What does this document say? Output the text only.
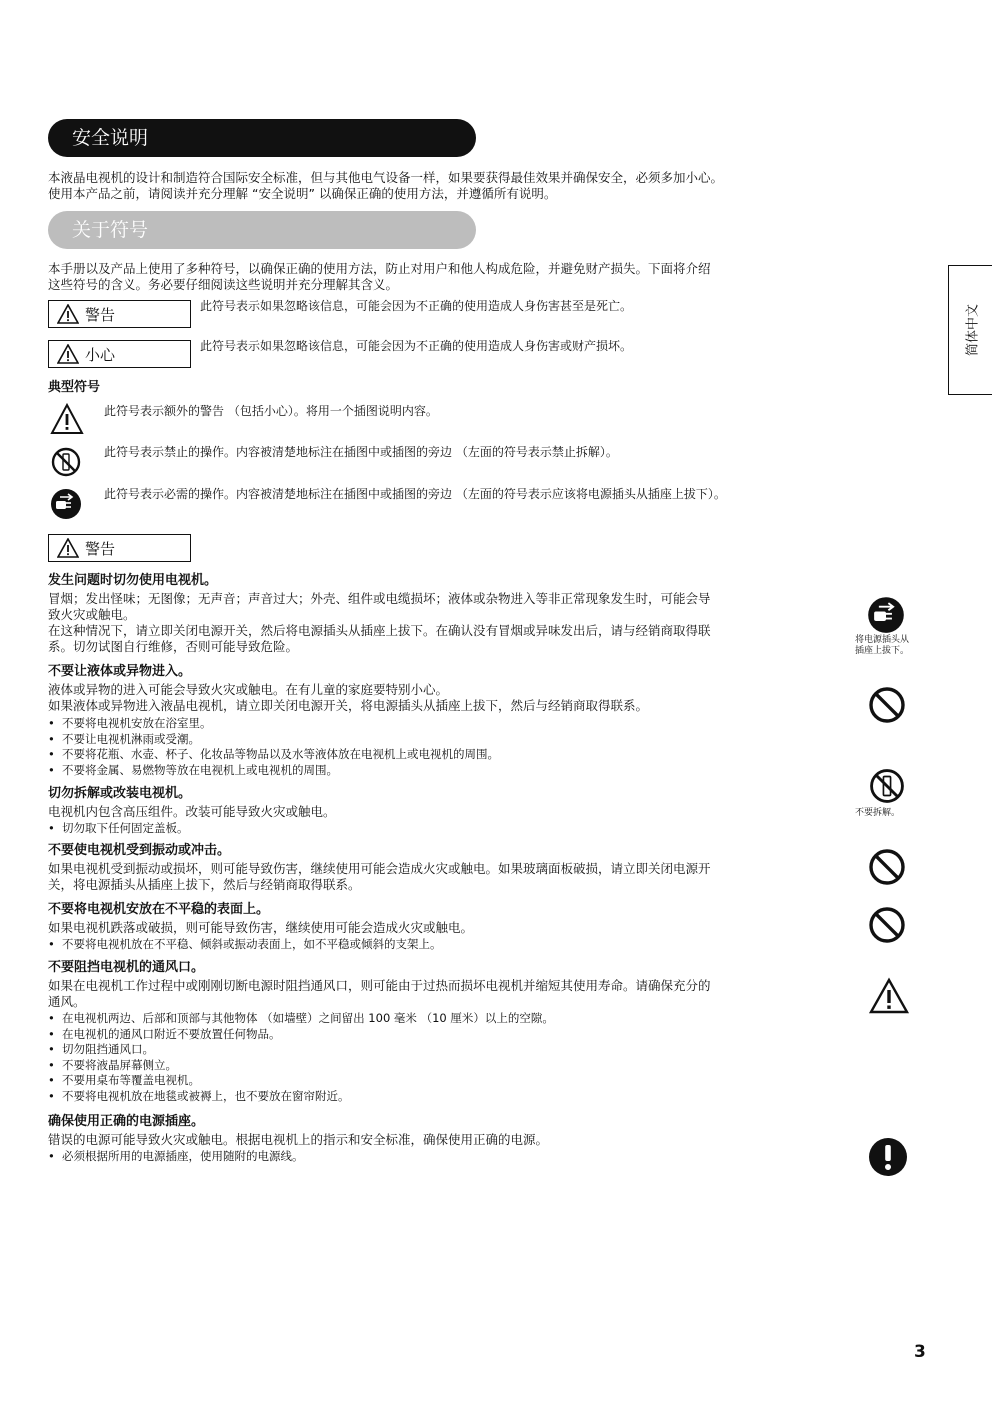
安全说明
本液晶电视机的设计和制造符合国际安全标准，但与其他电气设备一样，如果要获得最佳效果并确保安全，必须多加小心。
使用本产品之前，请阅读并充分理解 “安全说明” 以确保正确的使用方法，并遵循所有说明。
关于符号
本手册以及产品上使用了多种符号，以确保正确的使用方法，防止对用户和他人构成危险，并避免财产损失。下面将介绍
这些符号的含义。务必要仔细阅读这些说明并充分理解其含义。
警告	此符号表示如果忽略该信息，可能会因为不正确的使用造成人身伤害甚至是死亡。
小心	此符号表示如果忽略该信息，可能会因为不正确的使用造成人身伤害或财产损坏。
典型符号
此符号表示额外的警告 （包括小心）。将用一个插图说明内容。
此符号表示禁止的操作。内容被清楚地标注在插图中或插图的旁边 （左面的符号表示禁止拆解）。
此符号表示必需的操作。内容被清楚地标注在插图中或插图的旁边 （左面的符号表示应该将电源插头从插座上拔下）。
警告
发生问题时切勿使用电视机。
冒烟；发出怪味；无图像；无声音；声音过大；外壳、组件或电缆损坏；液体或杂物进入等非正常现象发生时，可能会导
致火灾或触电。
在这种情况下，请立即关闭电源开关，然后将电源插头从插座上拔下。在确认没有冒烟或异味发出后，请与经销商取得联
系。切勿试图自行维修，否则可能导致危险。	将电源插头从
插座上拔下。
不要让液体或异物进入。
液体或异物的进入可能会导致火灾或触电。在有儿童的家庭要特别小心。
如果液体或异物进入液晶电视机，请立即关闭电源开关，将电源插头从插座上拔下，然后与经销商取得联系。
• 不要将电视机安放在浴室里。
• 不要让电视机淋雨或受潮。
• 不要将花瓶、水壶、杯子、化妆品等物品以及水等液体放在电视机上或电视机的周围。
• 不要将金属、易燃物等放在电视机上或电视机的周围。
切勿拆解或改装电视机。
电视机内包含高压组件。改装可能导致火灾或触电。
• 切勿取下任何固定盖板。
不要拆解。
不要使电视机受到振动或冲击。
如果电视机受到振动或损坏，则可能导致伤害，继续使用可能会造成火灾或触电。如果玻璃面板破损，请立即关闭电源开
关，将电源插头从插座上拔下，然后与经销商取得联系。
不要将电视机安放在不平稳的表面上。
如果电视机跌落或破损，则可能导致伤害，继续使用可能会造成火灾或触电。
• 不要将电视机放在不平稳、倾斜或振动表面上，如不平稳或倾斜的支架上。
不要阻挡电视机的通风口。
如果在电视机工作过程中或刚刚切断电源时阻挡通风口，则可能由于过热而损坏电视机并缩短其使用寿命。请确保充分的
通风。
• 在电视机两边、后部和顶部与其他物体 （如墙壁）之间留出 100 毫米 （10 厘米）以上的空隙。
• 在电视机的通风口附近不要放置任何物品。
• 切勿阻挡通风口。
• 不要将液晶屏幕侧立。
• 不要用桌布等覆盖电视机。
• 不要将电视机放在地毯或被褥上，也不要放在窗帘附近。
确保使用正确的电源插座。
错误的电源可能导致火灾或触电。根据电视机上的指示和安全标准，确保使用正确的电源。
• 必须根据所用的电源插座，使用随附的电源线。
简体中文
3
